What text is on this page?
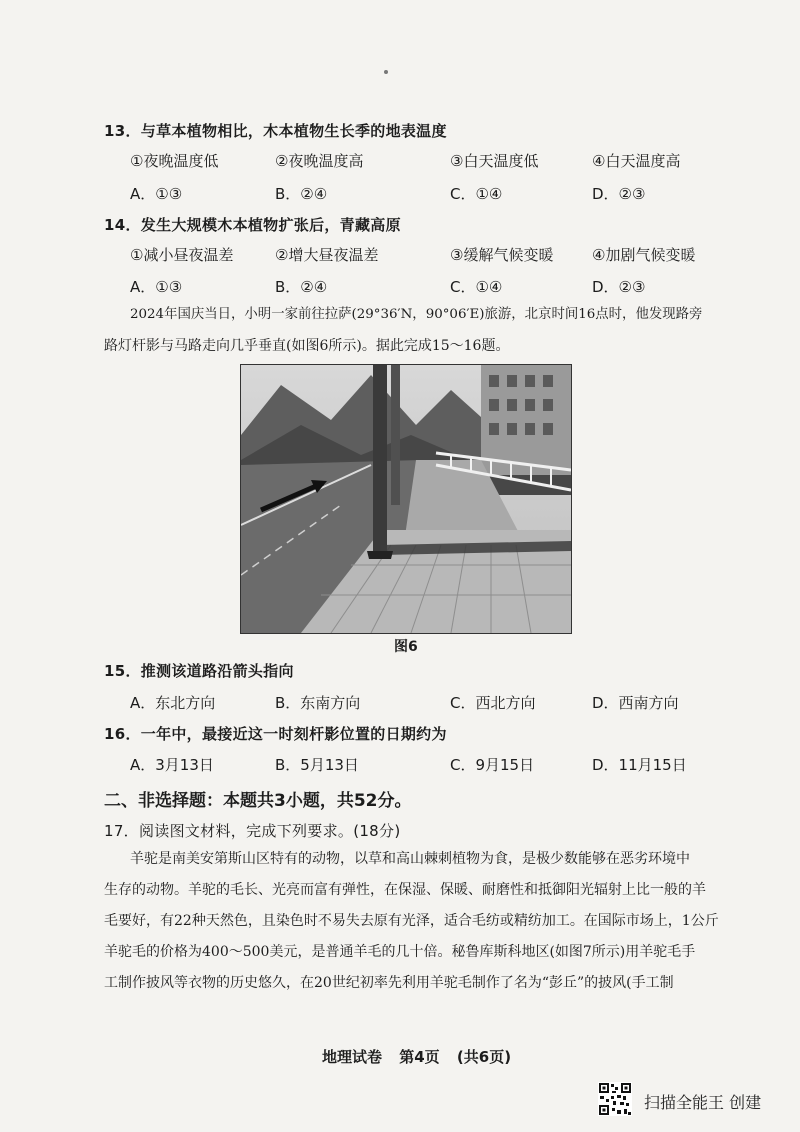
13．与草本植物相比，木本植物生长季的地表温度
①夜晚温度低	②夜晚温度高	③白天温度低	④白天温度高
A．①③	B．②④	C．①④	D．②③
14．发生大规模木本植物扩张后，青藏高原
①减小昼夜温差	②增大昼夜温差	③缓解气候变暖	④加剧气候变暖
A．①③	B．②④	C．①④	D．②③
2024年国庆当日，小明一家前往拉萨(29°36′N，90°06′E)旅游，北京时间16点时，他发现路旁
路灯杆影与马路走向几乎垂直(如图6所示)。据此完成15～16题。
图6
15．推测该道路沿箭头指向
A．东北方向	B．东南方向	C．西北方向	D．西南方向
16．一年中，最接近这一时刻杆影位置的日期约为
A．3月13日	B．5月13日	C．9月15日	D．11月15日
二、非选择题：本题共3小题，共52分。
17．阅读图文材料，完成下列要求。(18分)
羊驼是南美安第斯山区特有的动物，以草和高山棘刺植物为食，是极少数能够在恶劣环境中
生存的动物。羊驼的毛长、光亮而富有弹性，在保湿、保暖、耐磨性和抵御阳光辐射上比一般的羊
毛要好，有22种天然色，且染色时不易失去原有光泽，适合毛纺或精纺加工。在国际市场上，1公斤
羊驼毛的价格为400～500美元，是普通羊毛的几十倍。秘鲁库斯科地区(如图7所示)用羊驼毛手
工制作披风等衣物的历史悠久，在20世纪初率先利用羊驼毛制作了名为“彭丘”的披风(手工制
地理试卷 第4页 (共6页)
扫描全能王 创建
